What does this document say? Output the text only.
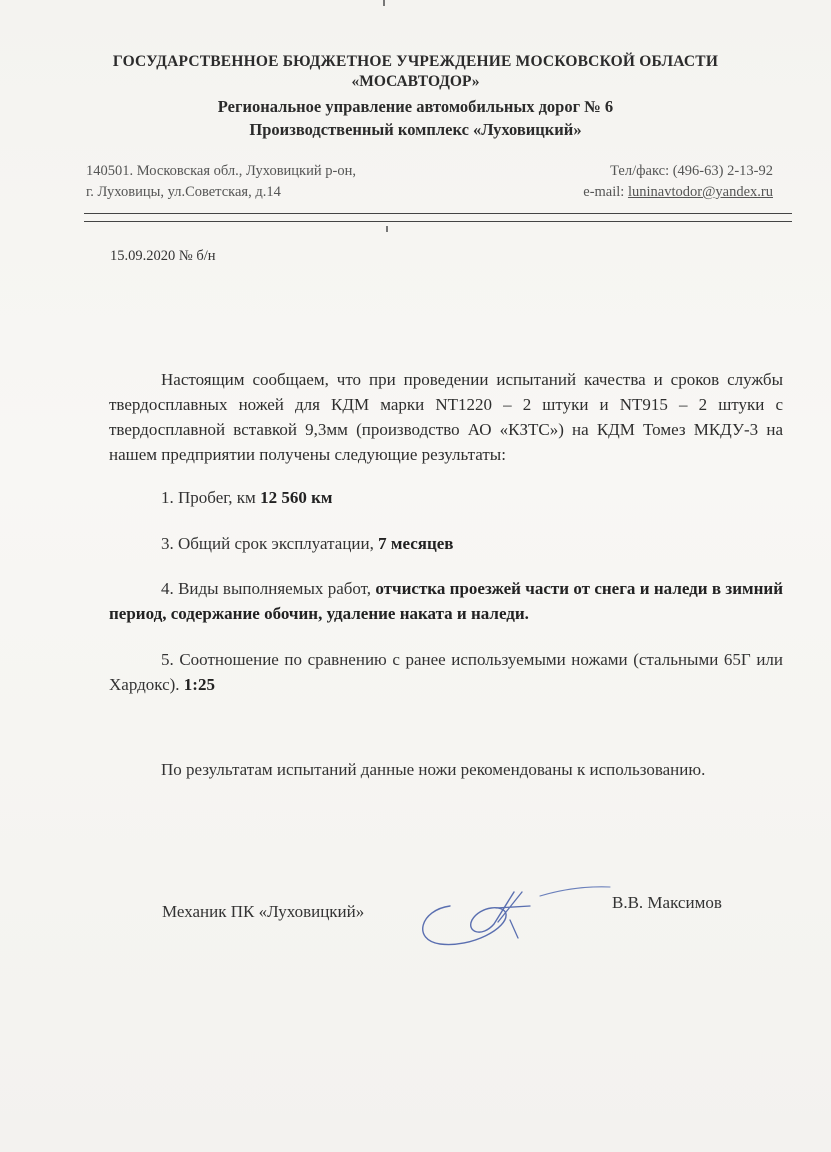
ГОСУДАРСТВЕННОЕ БЮДЖЕТНОЕ УЧРЕЖДЕНИЕ МОСКОВСКОЙ ОБЛАСТИ

«МОСАВТОДОР»

Региональное управление автомобильных дорог № 6

Производственный комплекс «Луховицкий»

140501. Московская обл., Луховицкий р-он,

г. Луховицы, ул.Советская, д.14

Тел/факс: (496-63) 2-13-92

e-mail: luninavtodor@yandex.ru

15.09.2020 № б/н

Настоящим сообщаем, что при проведении испытаний качества и сроков службы твердосплавных ножей для КДМ марки NT1220 – 2 штуки и NT915 – 2 штуки с твердосплавной вставкой 9,3мм (производство АО «КЗТС») на КДМ Томез МКДУ-3 на нашем предприятии получены следующие результаты:

1. Пробег, км 12 560 км

3. Общий срок эксплуатации, 7 месяцев

4. Виды выполняемых работ, отчистка проезжей части от снега и наледи в зимний период, содержание обочин, удаление наката и наледи.

5. Соотношение по сравнению с ранее используемыми ножами (стальными 65Г или Хардокс). 1:25

По результатам испытаний данные ножи рекомендованы к использованию.

Механик ПК «Луховицкий»	В.В. Максимов
